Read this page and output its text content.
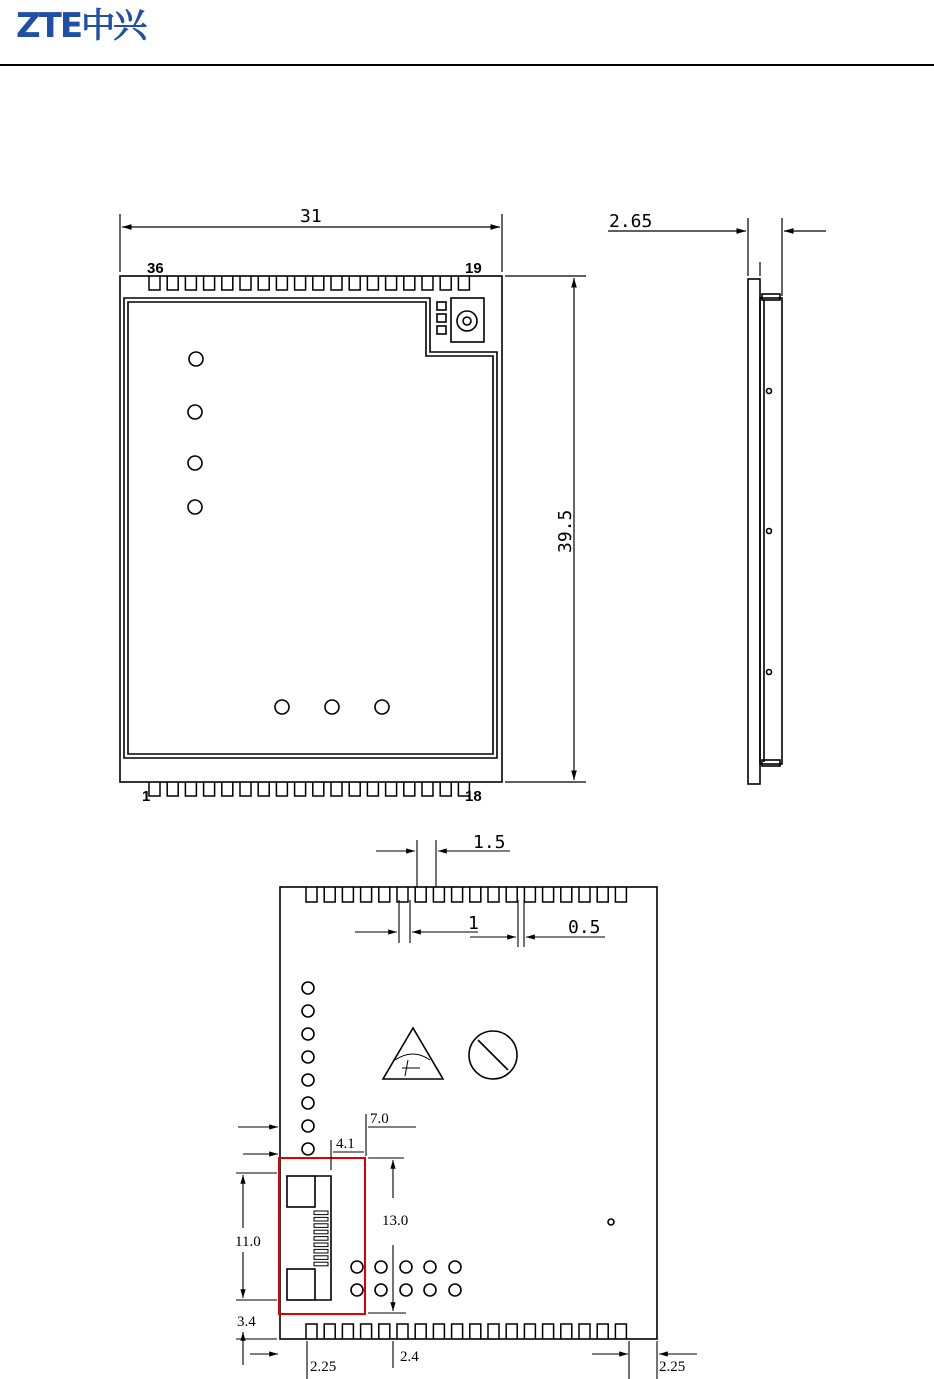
ZTE中兴
31
39.5
36	19
1	18
2.65
1.5
1	0.5
7.0
4.1
13.0
11.0
3.4
2.25
2.4
2.25
